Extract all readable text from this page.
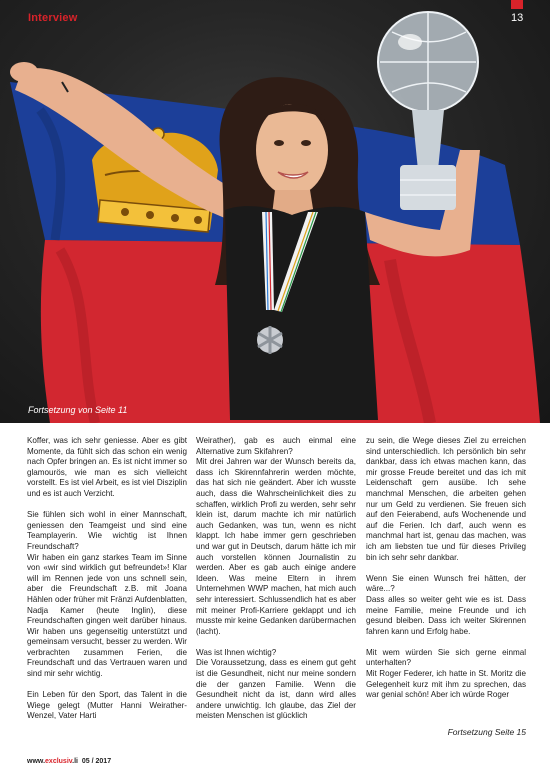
Interview	13
Fortsetzung von Seite 11

Koffer, was ich sehr geniesse. Aber es gibt Momente, da fühlt sich das schon ein wenig nach Opfer bringen an. Es ist nicht immer so glamourös, wie man es sich vielleicht vorstellt. Es ist viel Arbeit, es ist viel Disziplin und es ist auch Verzicht.

Sie fühlen sich wohl in einer Mannschaft, geniessen den Teamgeist und sind eine Teamplayerin. Wie wichtig ist Ihnen Freundschaft?

Wir haben ein ganz starkes Team im Sinne von «wir sind wirklich gut befreundet»! Klar will im Rennen jede von uns schnell sein, aber die Freundschaft z.B. mit Joana Hählen oder früher mit Fränzi Aufdenblatten, Nadja Kamer (heute Inglin), diese Freundschaften gingen weit darüber hinaus. Wir haben uns gegenseitig unterstützt und gemeinsam versucht, besser zu werden. Wir verbrachten zusammen Ferien, die Freundschaft und das Vertrauen waren und sind mir sehr wichtig.

Ein Leben für den Sport, das Talent in die Wiege gelegt (Mutter Hanni Weirather- Wenzel, Vater Harti

Weirather), gab es auch einmal eine Alternative zum Skifahren?

Mit drei Jahren war der Wunsch bereits da, dass ich Skirennfahrerin werden möchte, das hat sich nie geändert. Aber ich wusste auch, dass die Wahrscheinlichkeit dies zu schaffen, wirklich Profi zu werden, sehr sehr klein ist, darum machte ich mir natürlich auch Gedanken, was tun, wenn es nicht klappt. Ich habe immer gern geschrieben und war gut in Deutsch, darum hätte ich mir auch vorstellen können Journalistin zu werden. Aber es gab auch einige andere Ideen. Was meine Eltern in ihrem Unternehmen WWP machen, hat mich auch sehr interessiert. Schlussendlich hat es aber mit meiner Profi-Karriere geklappt und ich musste mir keine Gedanken darübermachen (lacht).

Was ist Ihnen wichtig?

Die Voraussetzung, dass es einem gut geht ist die Gesundheit, nicht nur meine sondern die der ganzen Familie. Wenn die Gesundheit nicht da ist, dann wird alles andere unwichtig. Ich glaube, das Ziel der meisten Menschen ist glücklich

zu sein, die Wege dieses Ziel zu erreichen sind unterschiedlich. Ich persönlich bin sehr dankbar, dass ich etwas machen kann, das mir grosse Freude bereitet und das ich mit Leidenschaft gern ausübe. Ich sehe manchmal Menschen, die arbeiten gehen nur um Geld zu verdienen. Sie freuen sich auf den Feierabend, aufs Wochenende und auf die Ferien. Ich darf, auch wenn es manchmal hart ist, genau das machen, was ich am liebsten tue und für dieses Privileg bin ich sehr sehr dankbar.

Wenn Sie einen Wunsch frei hätten, der wäre...?

Dass alles so weiter geht wie es ist. Dass meine Familie, meine Freunde und ich gesund bleiben. Dass ich weiter Skirennen fahren kann und Erfolg habe.

Mit wem würden Sie sich gerne einmal unterhalten?

Mit Roger Federer, ich hatte in St. Moritz die Gelegenheit kurz mit ihm zu sprechen, das war genial schön! Aber ich würde Roger

Fortsetzung Seite 15
www.exclusiv.li 05 / 2017
